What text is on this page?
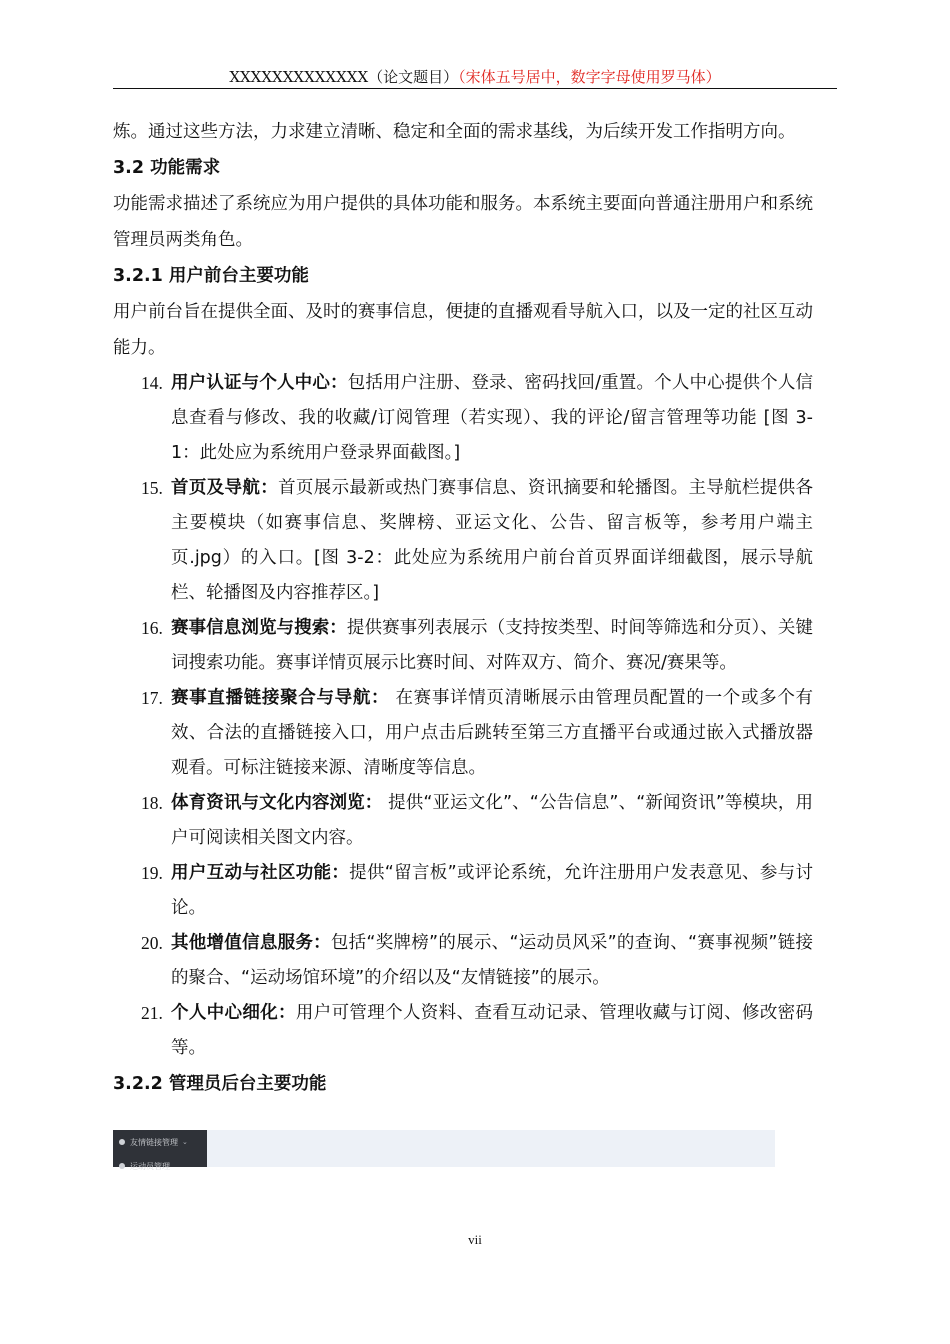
XXXXXXXXXXXXX（论文题目）（宋体五号居中，数字字母使用罗马体）

炼。通过这些方法，力求建立清晰、稳定和全面的需求基线，为后续开发工作指明方向。

3.2 功能需求

功能需求描述了系统应为用户提供的具体功能和服务。本系统主要面向普通注册用户和系统管理员两类角色。

3.2.1 用户前台主要功能

用户前台旨在提供全面、及时的赛事信息，便捷的直播观看导航入口，以及一定的社区互动能力。

14. 用户认证与个人中心：包括用户注册、登录、密码找回/重置。个人中心提供个人信息查看与修改、我的收藏/订阅管理（若实现）、我的评论/留言管理等功能 [图 3-1：此处应为系统用户登录界面截图。]
15. 首页及导航：首页展示最新或热门赛事信息、资讯摘要和轮播图。主导航栏提供各主要模块（如赛事信息、奖牌榜、亚运文化、公告、留言板等，参考用户端主页.jpg）的入口。[图 3-2：此处应为系统用户前台首页界面详细截图，展示导航栏、轮播图及内容推荐区。]
16. 赛事信息浏览与搜索：提供赛事列表展示（支持按类型、时间等筛选和分页）、关键词搜索功能。赛事详情页展示比赛时间、对阵双方、简介、赛况/赛果等。
17. 赛事直播链接聚合与导航： 在赛事详情页清晰展示由管理员配置的一个或多个有效、合法的直播链接入口，用户点击后跳转至第三方直播平台或通过嵌入式播放器观看。可标注链接来源、清晰度等信息。
18. 体育资讯与文化内容浏览： 提供“亚运文化”、“公告信息”、“新闻资讯”等模块，用户可阅读相关图文内容。
19. 用户互动与社区功能：提供“留言板”或评论系统，允许注册用户发表意见、参与讨论。
20. 其他增值信息服务：包括“奖牌榜”的展示、“运动员风采”的查询、“赛事视频”链接的聚合、“运动场馆环境”的介绍以及“友情链接”的展示。
21. 个人中心细化：用户可管理个人资料、查看互动记录、管理收藏与订阅、修改密码等。
3.2.2 管理员后台主要功能
友情链接管理 ⌄
运动员管理
vii
